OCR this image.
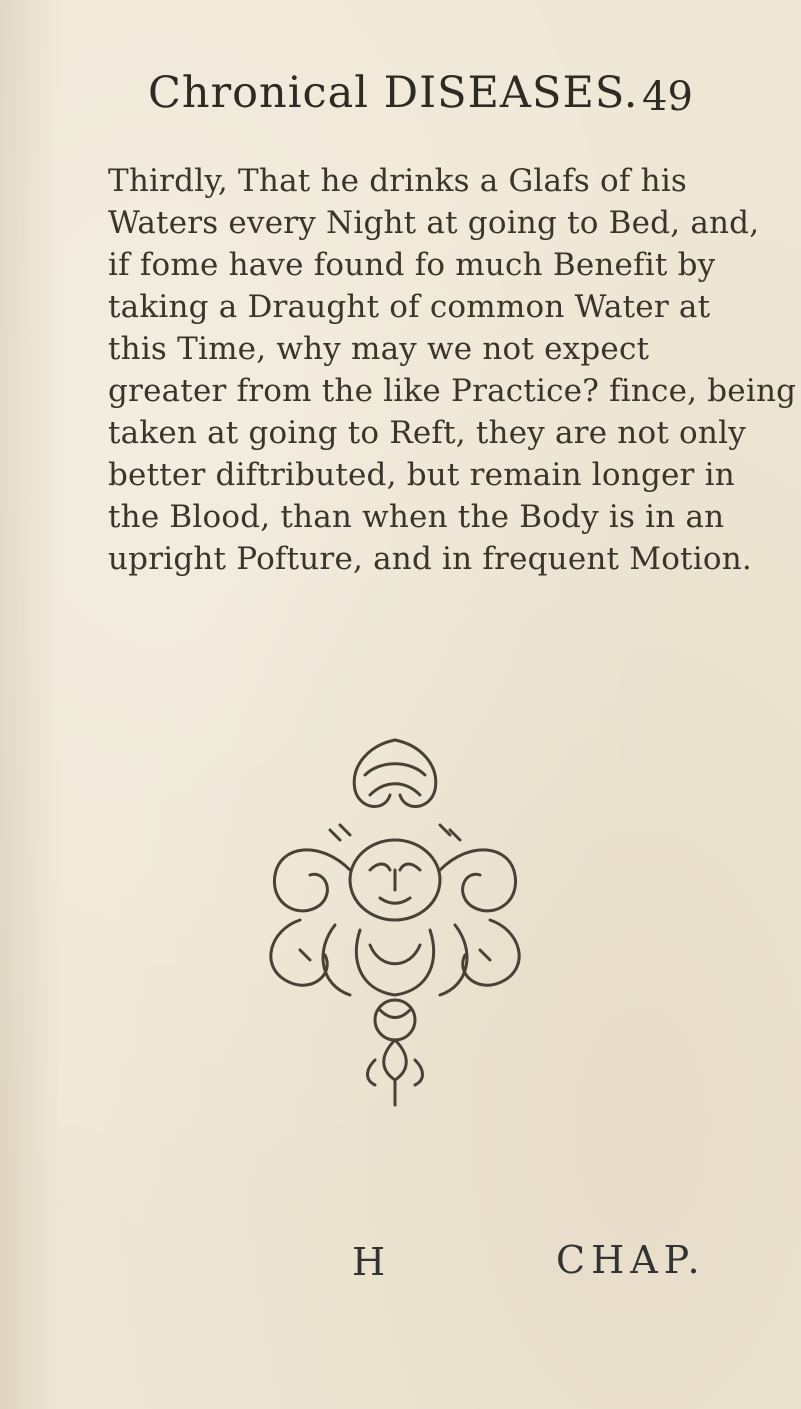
Chronical DISEASES. 49
Thirdly, That he drinks a Glafs of his
Waters every Night at going to Bed, and,
if fome have found fo much Benefit by
taking a Draught of common Water at
this Time, why may we not expect
greater from the like Practice? fince, being
taken at going to Reft, they are not only
better diftributed, but remain longer in
the Blood, than when the Body is in an
upright Pofture, and in frequent Motion.
H	CHAP.
